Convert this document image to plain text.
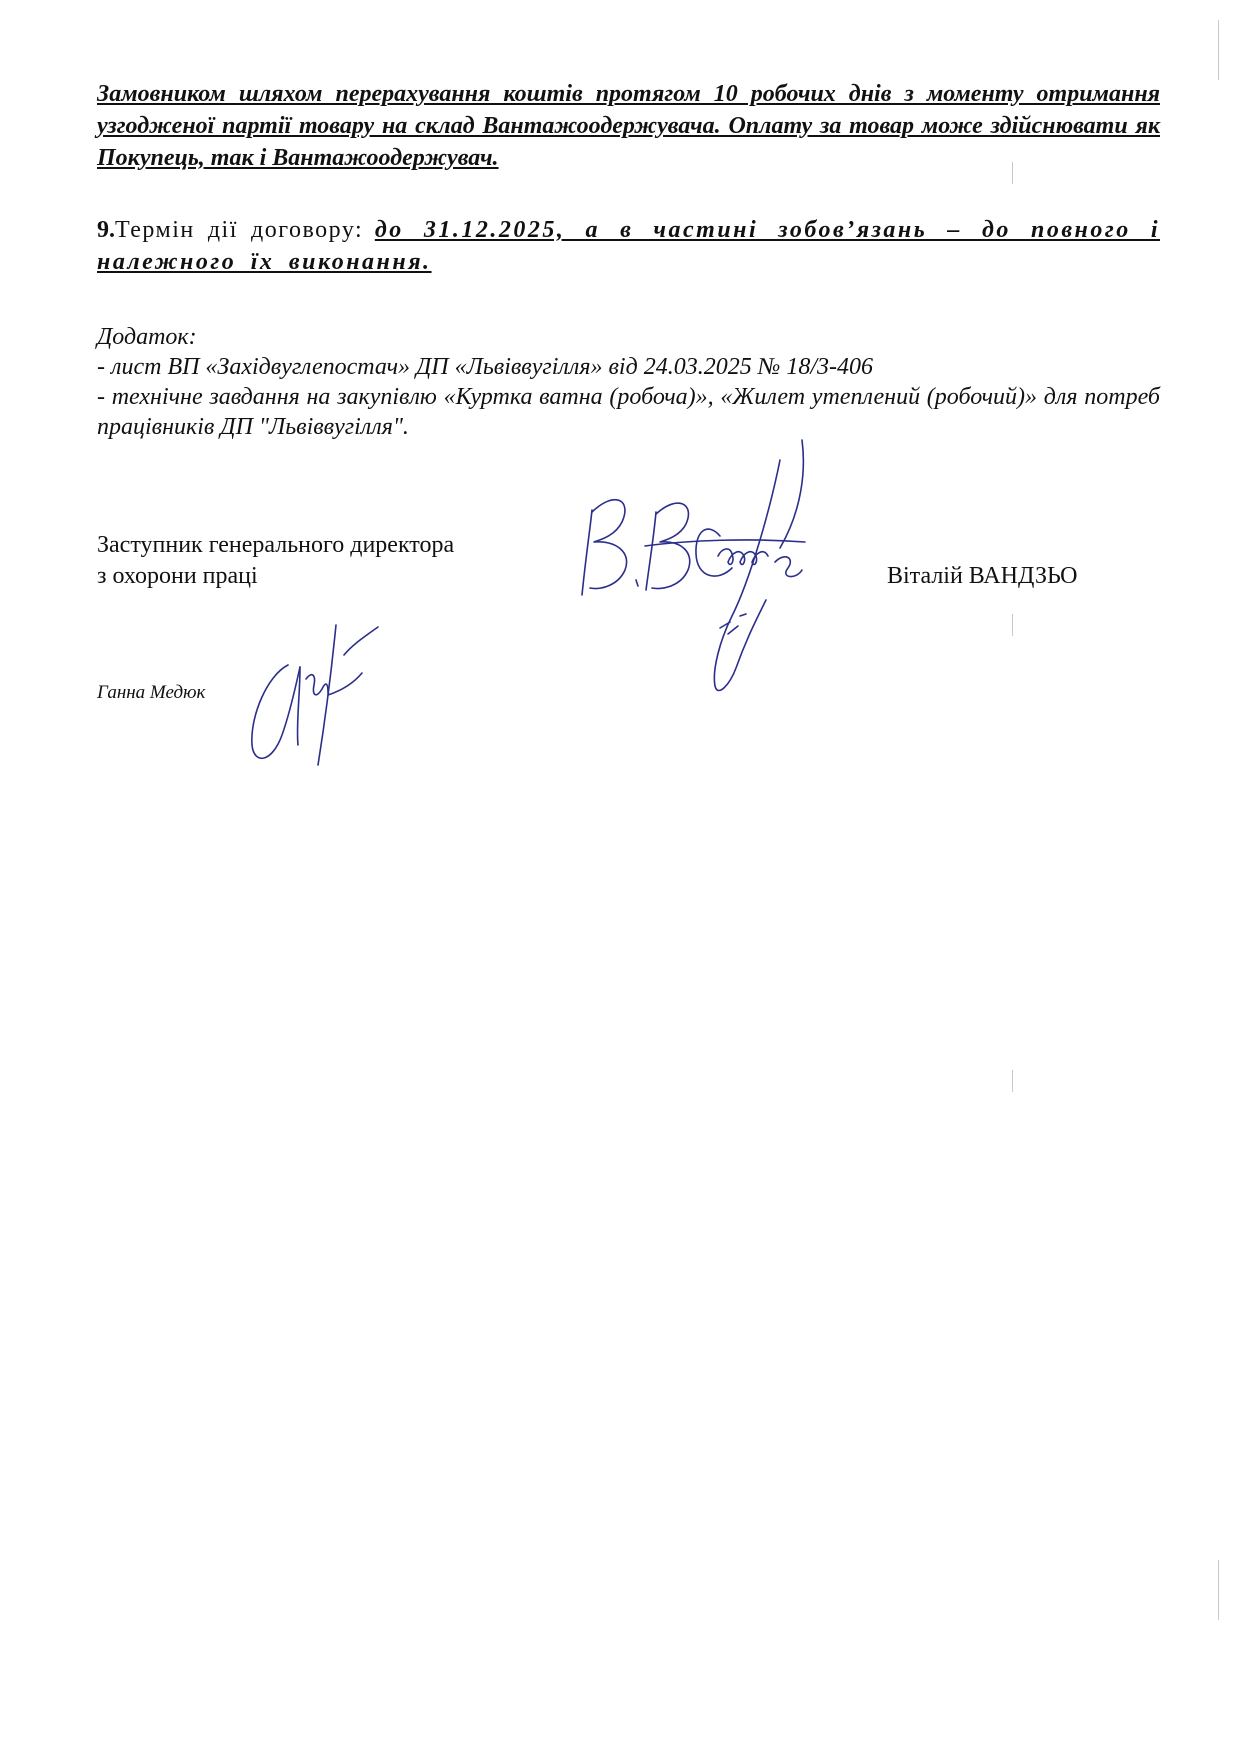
Замовником шляхом перерахування коштів протягом 10 робочих днів з моменту отримання узгодженої партії товару на склад Вантажоодержувача. Оплату за товар може здійснювати як Покупець, так і Вантажоодержувач.
9.Термін дії договору: до 31.12.2025, а в частині зобов’язань – до повного і належного їх виконання.
Додаток:
- лист ВП «Західвуглепостач» ДП «Львіввугілля» від 24.03.2025 № 18/3-406
- технічне завдання на закупівлю «Куртка ватна (робоча)», «Жилет утеплений (робочий)» для потреб працівників ДП "Львіввугілля".
Заступник генерального директора
з охорони праці	Віталій ВАНДЗЬО
Ганна Медюк
